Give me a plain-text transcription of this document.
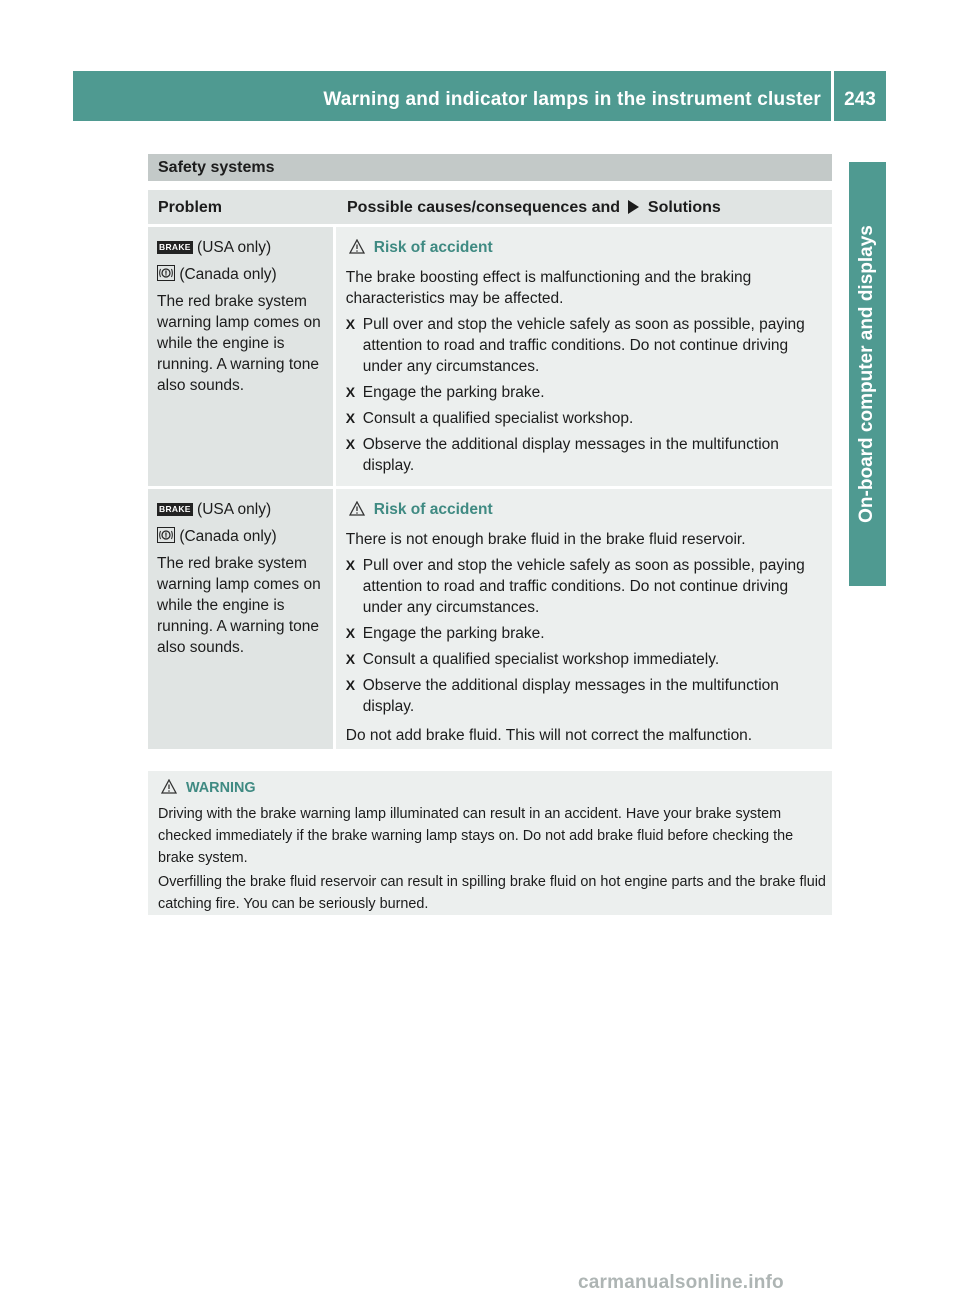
Warning and indicator lamps in the instrument cluster	243
On-board computer and displays
Safety systems
Problem	Possible causes/consequences and Solutions
BRAKE (USA only)
! (Canada only)
The red brake system warning lamp comes on while the engine is running. A warning tone also sounds.
Risk of accident
The brake boosting effect is malfunctioning and the braking characteristics may be affected.
X Pull over and stop the vehicle safely as soon as possible, paying attention to road and traffic conditions. Do not continue driving under any circumstances.
X Engage the parking brake.
X Consult a qualified specialist workshop.
X Observe the additional display messages in the multifunction display.
BRAKE (USA only)
! (Canada only)
The red brake system warning lamp comes on while the engine is running. A warning tone also sounds.
Risk of accident
There is not enough brake fluid in the brake fluid reservoir.
X Pull over and stop the vehicle safely as soon as possible, paying attention to road and traffic conditions. Do not continue driving under any circumstances.
X Engage the parking brake.
X Consult a qualified specialist workshop immediately.
X Observe the additional display messages in the multifunction display.
Do not add brake fluid. This will not correct the malfunction.
WARNING
Driving with the brake warning lamp illuminated can result in an accident. Have your brake system checked immediately if the brake warning lamp stays on. Do not add brake fluid before checking the brake system.
Overfilling the brake fluid reservoir can result in spilling brake fluid on hot engine parts and the brake fluid catching fire. You can be seriously burned.
carmanualsonline.info
